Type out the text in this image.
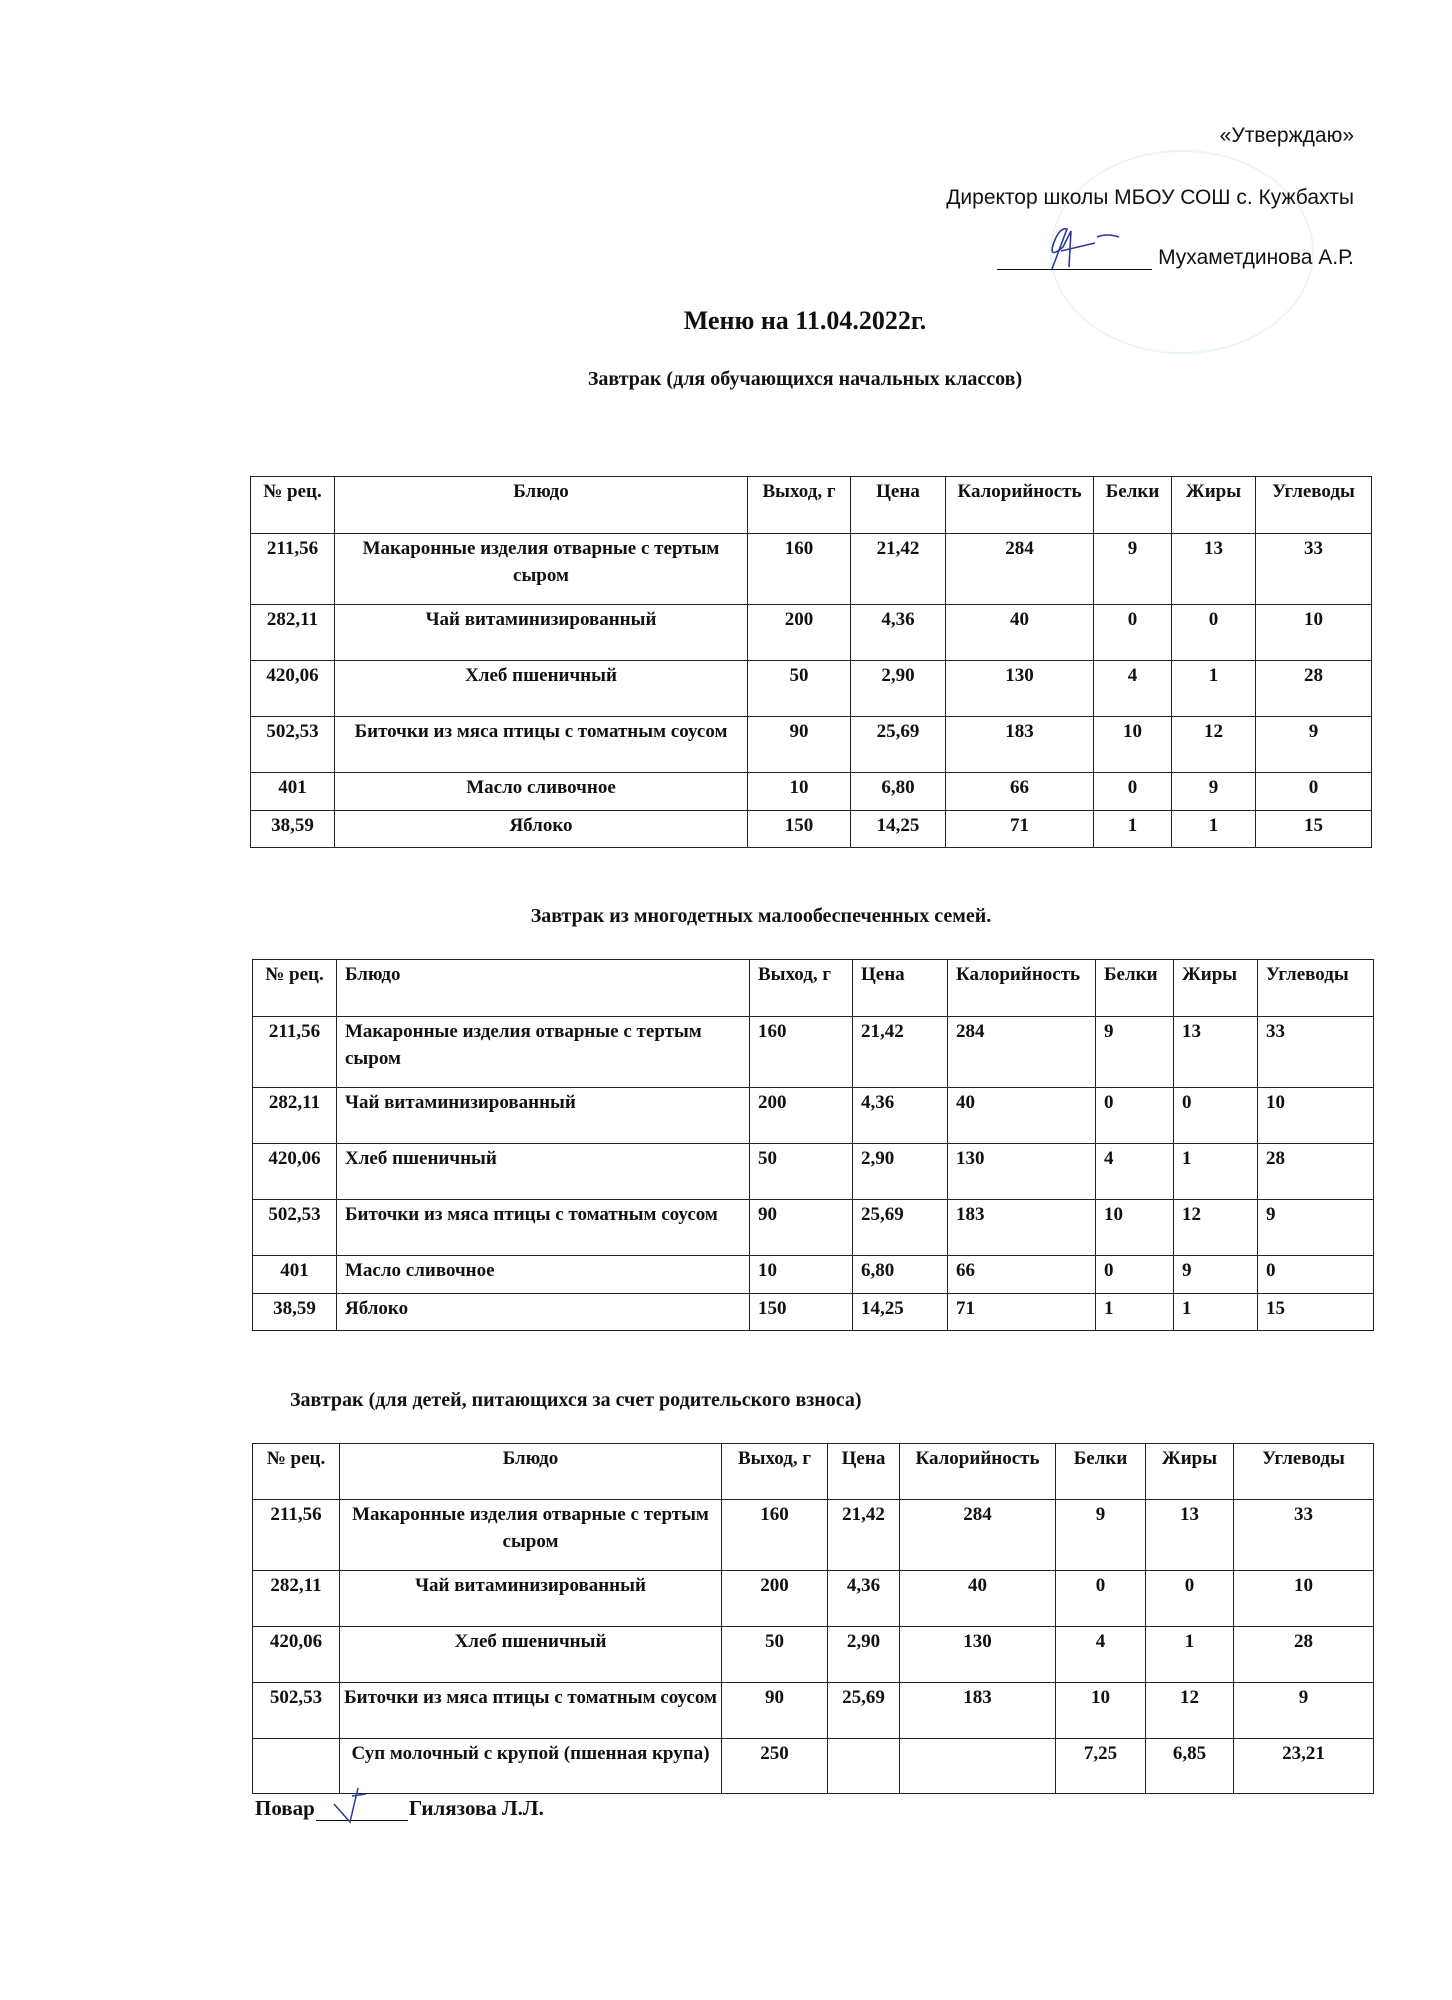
«Утверждаю»
Директор школы МБОУ СОШ с. Кужбахты
Мухаметдинова А.Р.
Меню на 11.04.2022г.
Завтрак (для обучающихся начальных классов)
№ рец.	Блюдо	Выход, г	Цена	Калорийность	Белки	Жиры	Углеводы
211,56	Макаронные изделия отварные с тертым сыром	160	21,42	284	9	13	33
282,11	Чай витаминизированный	200	4,36	40	0	0	10
420,06	Хлеб пшеничный	50	2,90	130	4	1	28
502,53	Биточки из мяса птицы с томатным соусом	90	25,69	183	10	12	9
401	Масло сливочное	10	6,80	66	0	9	0
38,59	Яблоко	150	14,25	71	1	1	15
Завтрак из многодетных малообеспеченных семей.
№ рец.	Блюдо	Выход, г	Цена	Калорийность	Белки	Жиры	Углеводы
211,56	Макаронные изделия отварные с тертым сыром	160	21,42	284	9	13	33
282,11	Чай витаминизированный	200	4,36	40	0	0	10
420,06	Хлеб пшеничный	50	2,90	130	4	1	28
502,53	Биточки из мяса птицы с томатным соусом	90	25,69	183	10	12	9
401	Масло сливочное	10	6,80	66	0	9	0
38,59	Яблоко	150	14,25	71	1	1	15
Завтрак (для детей, питающихся за счет родительского взноса)
№ рец.	Блюдо	Выход, г	Цена	Калорийность	Белки	Жиры	Углеводы
211,56	Макаронные изделия отварные с тертым сыром	160	21,42	284	9	13	33
282,11	Чай витаминизированный	200	4,36	40	0	0	10
420,06	Хлеб пшеничный	50	2,90	130	4	1	28
502,53	Биточки из мяса птицы с томатным соусом	90	25,69	183	10	12	9
	Суп молочный с крупой (пшенная крупа)	250			7,25	6,85	23,21
Повар	Гилязова Л.Л.
